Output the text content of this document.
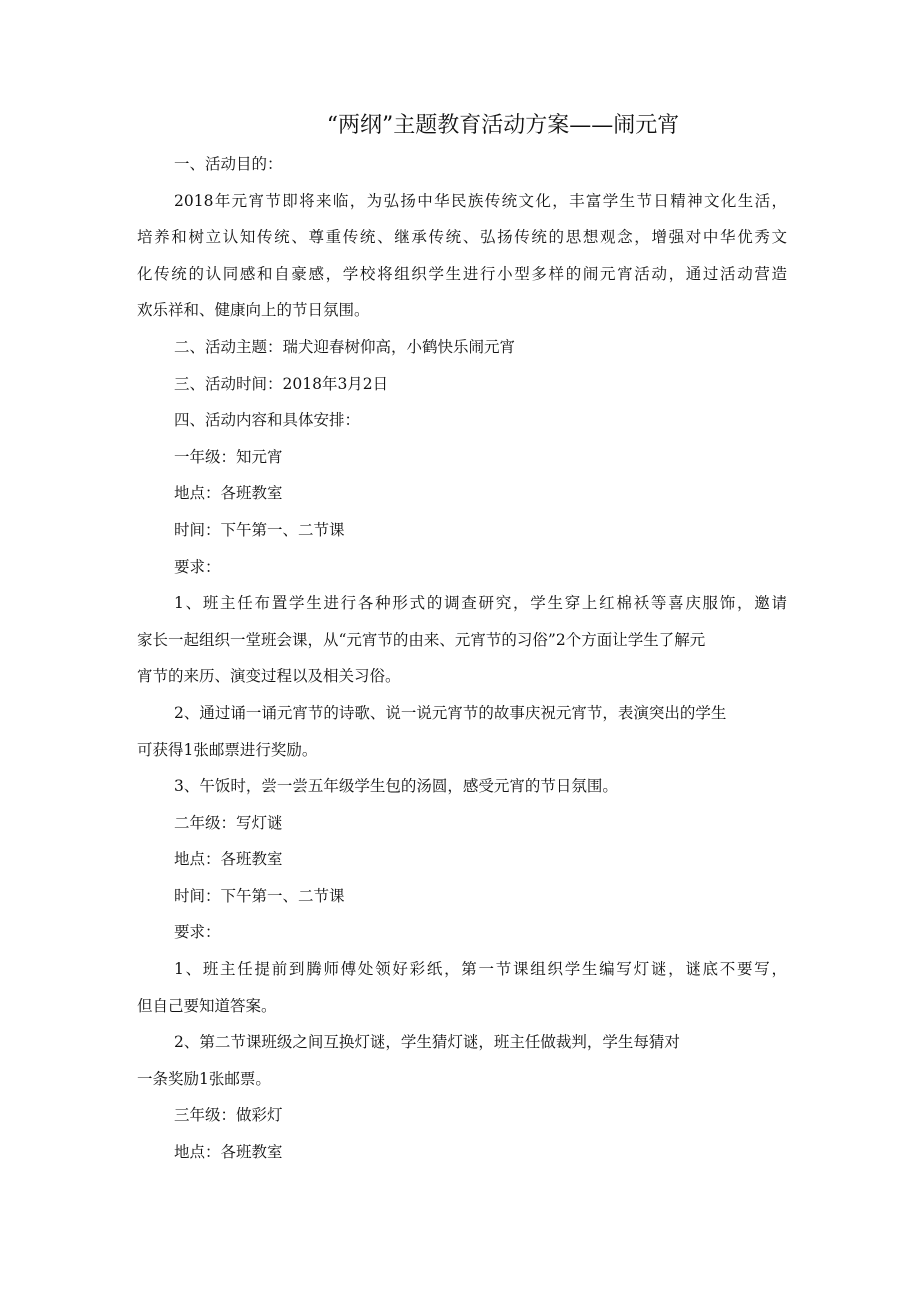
“两纲”主题教育活动方案——闹元宵
一、活动目的：
2018年元宵节即将来临，为弘扬中华民族传统文化，丰富学生节日精神文化生活，
培养和树立认知传统、尊重传统、继承传统、弘扬传统的思想观念，增强对中华优秀文
化传统的认同感和自豪感，学校将组织学生进行小型多样的闹元宵活动，通过活动营造
欢乐祥和、健康向上的节日氛围。
二、活动主题：瑞犬迎春树仰高，小鹤快乐闹元宵
三、活动时间：2018年3月2日
四、活动内容和具体安排：
一年级：知元宵
地点：各班教室
时间：下午第一、二节课
要求：
1、班主任布置学生进行各种形式的调查研究，学生穿上红棉袄等喜庆服饰，邀请
家长一起组织一堂班会课，从“元宵节的由来、元宵节的习俗”2个方面让学生了解元
宵节的来历、演变过程以及相关习俗。
2、通过诵一诵元宵节的诗歌、说一说元宵节的故事庆祝元宵节，表演突出的学生
可获得1张邮票进行奖励。
3、午饭时，尝一尝五年级学生包的汤圆，感受元宵的节日氛围。
二年级：写灯谜
地点：各班教室
时间：下午第一、二节课
要求：
1、班主任提前到腾师傅处领好彩纸，第一节课组织学生编写灯谜，谜底不要写，
但自己要知道答案。
2、第二节课班级之间互换灯谜，学生猜灯谜，班主任做裁判，学生每猜对
一条奖励1张邮票。
三年级：做彩灯
地点：各班教室
